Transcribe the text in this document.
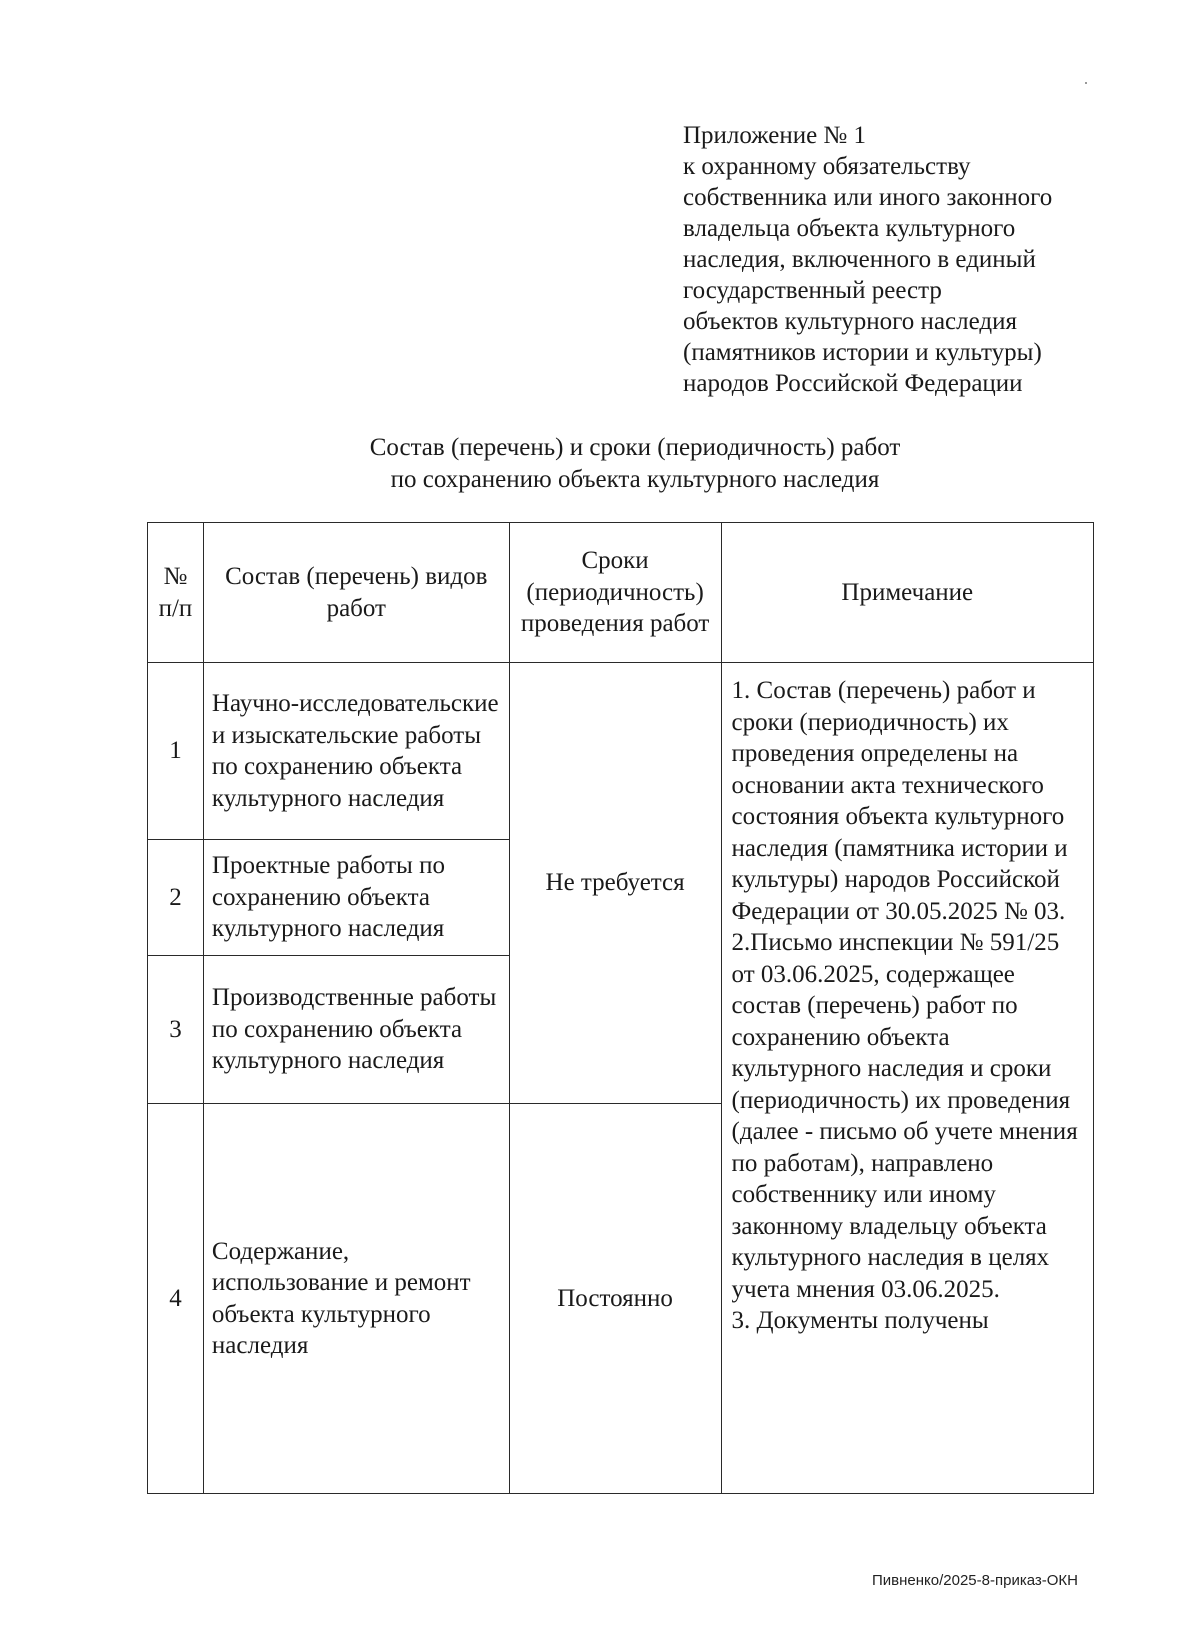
Приложение № 1
к охранному обязательству
собственника или иного законного
владельца объекта культурного
наследия, включенного в единый
государственный реестр
объектов культурного наследия
(памятников истории и культуры)
народов Российской Федерации
Состав (перечень) и сроки (периодичность) работ
по сохранению объекта культурного наследия
№ п/п	Состав (перечень) видов работ	Сроки (периодичность) проведения работ	Примечание
1	Научно-исследовательские и изыскательские работы по сохранению объекта культурного наследия	Не требуется	1. Состав (перечень) работ и сроки (периодичность) их проведения определены на основании акта технического состояния объекта культурного наследия (памятника истории и культуры) народов Российской Федерации от 30.05.2025 № 03.
2.Письмо инспекции № 591/25 от 03.06.2025, содержащее состав (перечень) работ по сохранению объекта культурного наследия и сроки (периодичность) их проведения (далее - письмо об учете мнения по работам), направлено собственнику или иному законному владельцу объекта культурного наследия в целях учета мнения 03.06.2025.
3. Документы получены

2	Проектные работы по сохранению объекта культурного наследия		
3	Производственные работы по сохранению объекта культурного наследия		
4	Содержание, использование и ремонт объекта культурного наследия	Постоянно	
Пивненко/2025-8-приказ-ОКН
